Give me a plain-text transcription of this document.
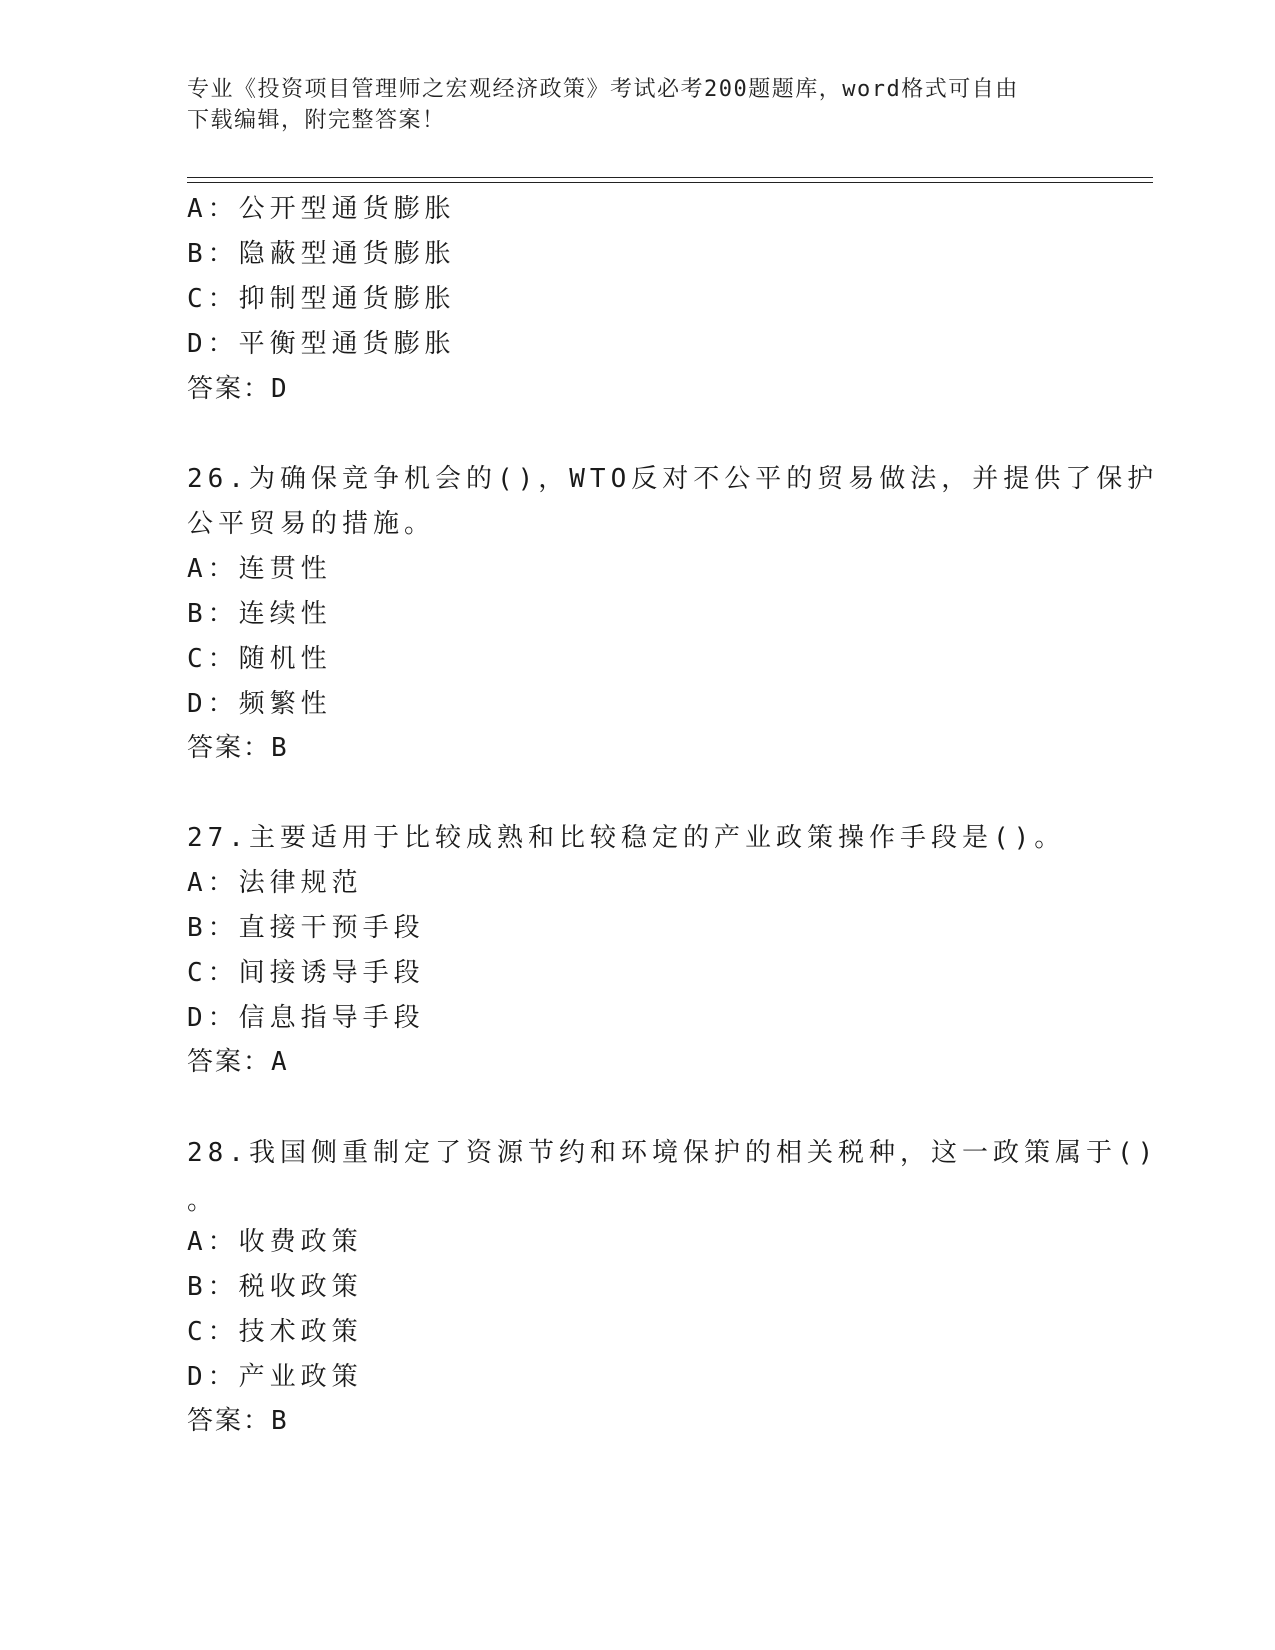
专业《投资项目管理师之宏观经济政策》考试必考200题题库，word格式可自由
下载编辑，附完整答案！
A：公开型通货膨胀
B：隐蔽型通货膨胀
C：抑制型通货膨胀
D：平衡型通货膨胀
答案：D
26.为确保竞争机会的()，WTO反对不公平的贸易做法，并提供了保护
公平贸易的措施。
A：连贯性
B：连续性
C：随机性
D：频繁性
答案：B
27.主要适用于比较成熟和比较稳定的产业政策操作手段是()。
A：法律规范
B：直接干预手段
C：间接诱导手段
D：信息指导手段
答案：A
28.我国侧重制定了资源节约和环境保护的相关税种，这一政策属于()
。
A：收费政策
B：税收政策
C：技术政策
D：产业政策
答案：B
